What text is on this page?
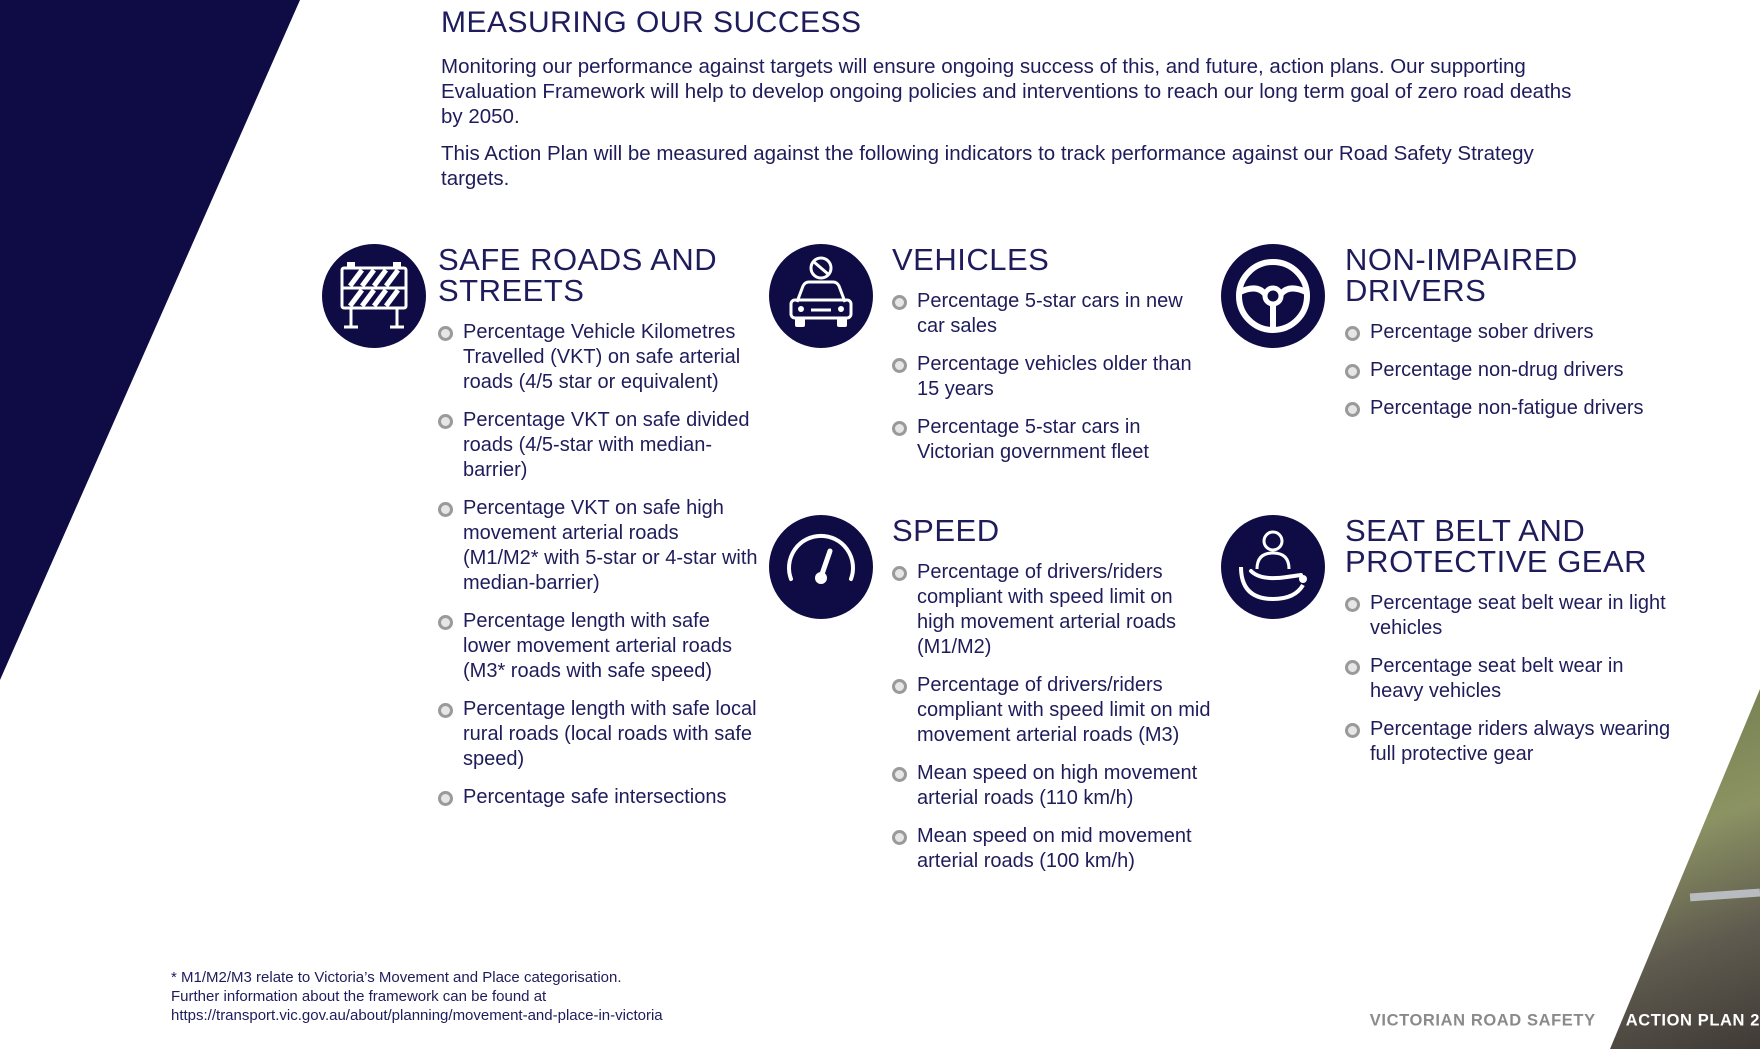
MEASURING OUR SUCCESS

Monitoring our performance against targets will ensure ongoing success of this, and future, action plans. Our supporting Evaluation Framework will help to develop ongoing policies and interventions to reach our long term goal of zero road deaths by 2050.

This Action Plan will be measured against the following indicators to track performance against our Road Safety Strategy targets.

SAFE ROADS AND STREETS
Percentage Vehicle Kilometres Travelled (VKT) on safe arterial roads (4/5 star or equivalent)
Percentage VKT on safe divided roads (4/5-star with median-barrier)
Percentage VKT on safe high movement arterial roads (M1/M2* with 5-star or 4-star with median-barrier)
Percentage length with safe lower movement arterial roads (M3* roads with safe speed)
Percentage length with safe local rural roads (local roads with safe speed)
Percentage safe intersections
VEHICLES
Percentage 5-star cars in new car sales
Percentage vehicles older than 15 years
Percentage 5-star cars in Victorian government fleet
SPEED
Percentage of drivers/riders compliant with speed limit on high movement arterial roads (M1/M2)
Percentage of drivers/riders compliant with speed limit on mid movement arterial roads (M3)
Mean speed on high movement arterial roads (110 km/h)
Mean speed on mid movement arterial roads (100 km/h)
NON-IMPAIRED DRIVERS
Percentage sober drivers
Percentage non-drug drivers
Percentage non-fatigue drivers
SEAT BELT AND PROTECTIVE GEAR
Percentage seat belt wear in light vehicles
Percentage seat belt wear in heavy vehicles
Percentage riders always wearing full protective gear
* M1/M2/M3 relate to Victoria’s Movement and Place categorisation.
Further information about the framework can be found at
https://transport.vic.gov.au/about/planning/movement-and-place-in-victoria	VICTORIAN ROAD SAFETY ACTION PLAN 2
